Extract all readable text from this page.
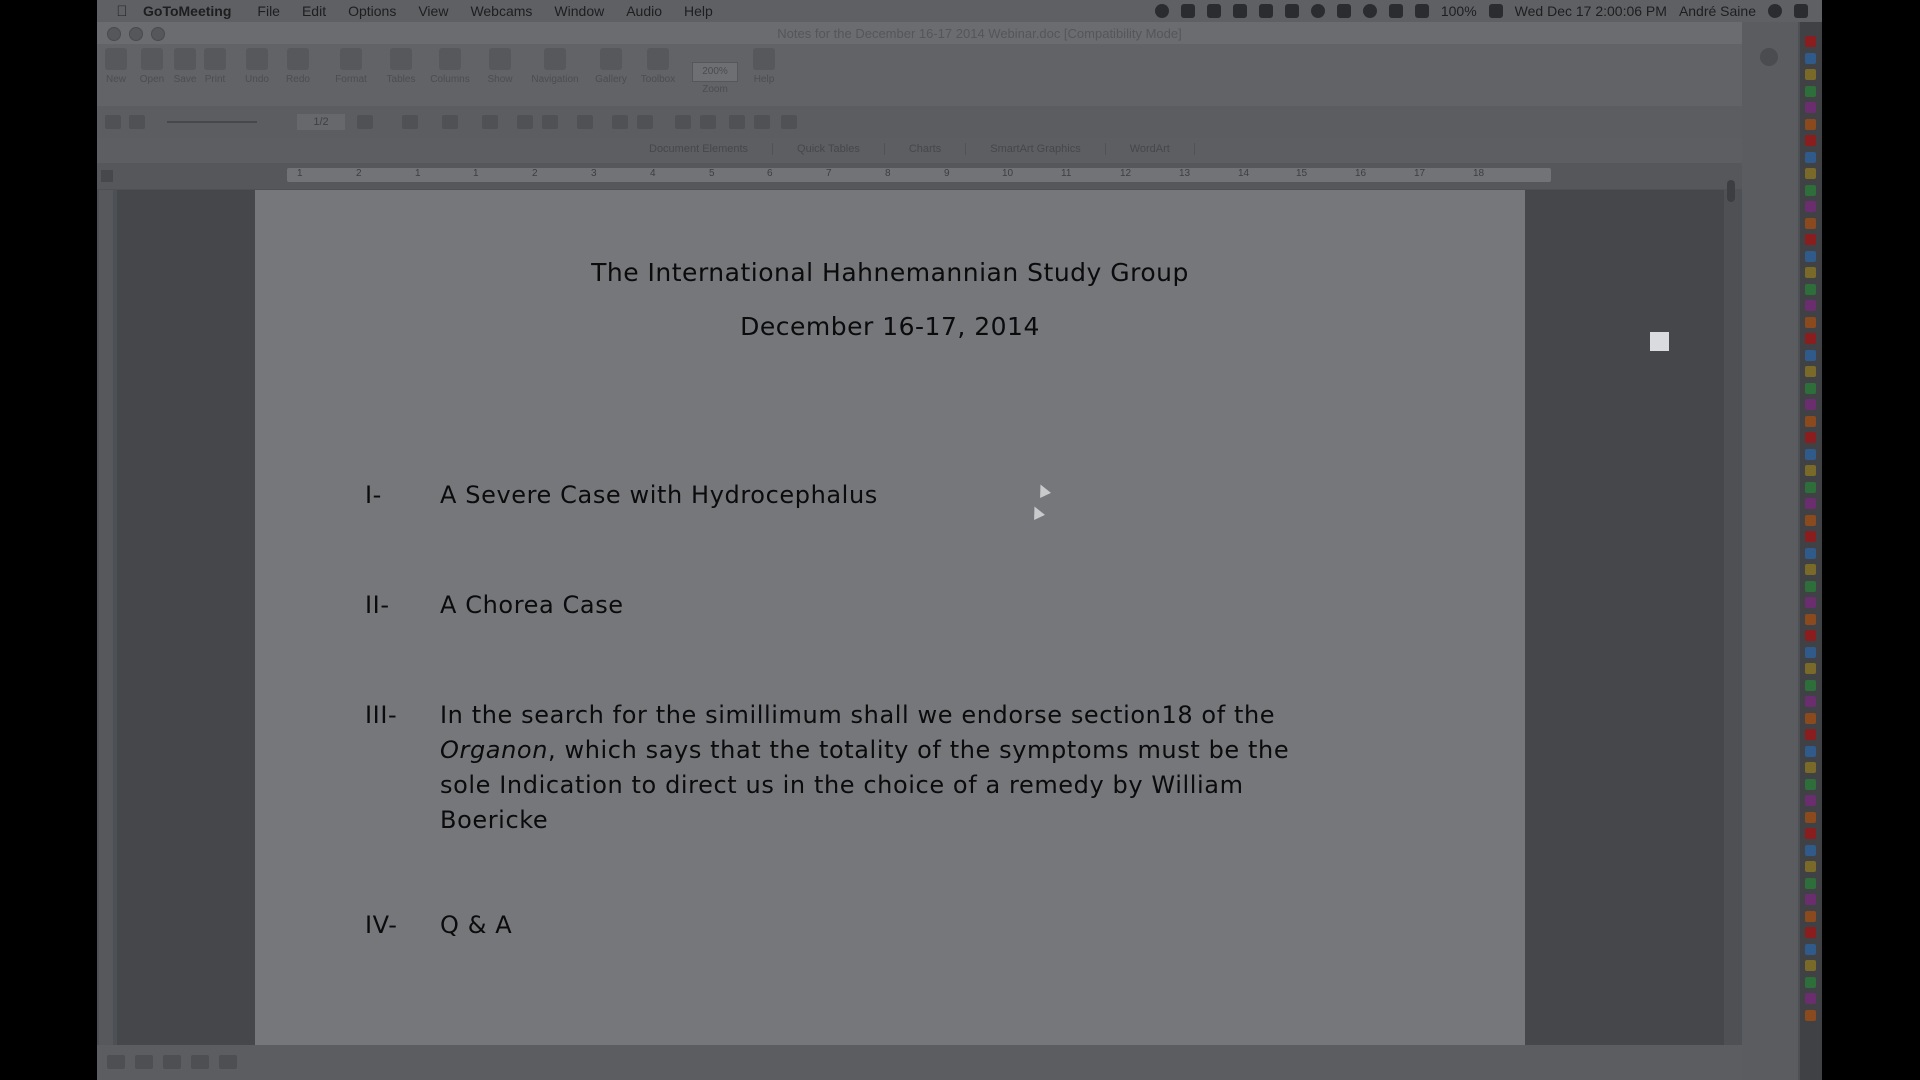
GoToMeeting File Edit Options View Webcams Window Audio Help	100%	Wed Dec 17 2:00:06 PM André Saine
Notes for the December 16-17 2014 Webinar.doc [Compatibility Mode]
New Open Save Print	Undo	Redo	Format	Tables	Columns	Show	Navigation	Gallery	Toolbox
200%
Zoom
Help
1/2
Document Elements	Quick Tables	Charts	SmartArt Graphics	WordArt
1	2	1	1	2	3	4	5	6	7	8	9	10	11	12	13	14	15	16	17	18
The International Hahnemannian Study Group
December 16-17, 2014
I- A Severe Case with Hydrocephalus
II- A Chorea Case
III- In the search for the simillimum shall we endorse section18 of the Organon, which says that the totality of the symptoms must be the sole Indication to direct us in the choice of a remedy by William Boericke
IV- Q & A
